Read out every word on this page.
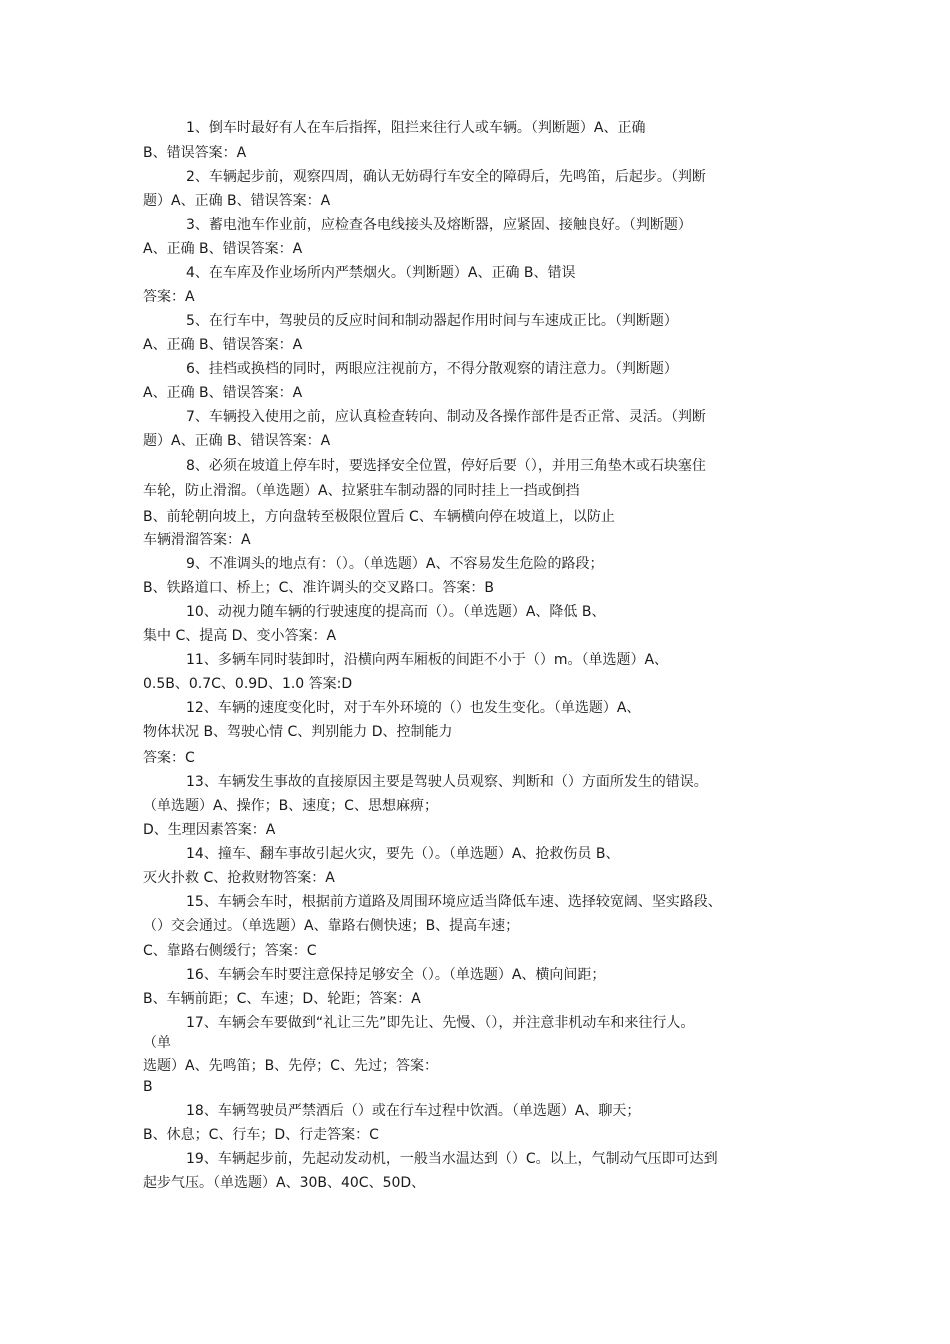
1、倒车时最好有人在车后指挥，阻拦来往行人或车辆。（判断题）A、正确
B、错误答案：A
2、车辆起步前，观察四周，确认无妨碍行车安全的障碍后，先鸣笛，后起步。（判断
题）A、正确 B、错误答案：A
3、蓄电池车作业前，应检查各电线接头及熔断器，应紧固、接触良好。（判断题）
A、正确 B、错误答案：A
4、在车库及作业场所内严禁烟火。（判断题）A、正确 B、错误
答案：A
5、在行车中，驾驶员的反应时间和制动器起作用时间与车速成正比。（判断题）
A、正确 B、错误答案：A
6、挂档或换档的同时，两眼应注视前方，不得分散观察的请注意力。（判断题）
A、正确 B、错误答案：A
7、车辆投入使用之前，应认真检查转向、制动及各操作部件是否正常、灵活。（判断
题）A、正确 B、错误答案：A
8、必须在坡道上停车时，要选择安全位置，停好后要（），并用三角垫木或石块塞住
车轮，防止滑溜。（单选题）A、拉紧驻车制动器的同时挂上一挡或倒挡
B、前轮朝向坡上，方向盘转至极限位置后 C、车辆横向停在坡道上，以防止
车辆滑溜答案：A
9、不准调头的地点有：（）。（单选题）A、不容易发生危险的路段；
B、铁路道口、桥上；C、准许调头的交叉路口。答案：B
10、动视力随车辆的行驶速度的提高而（）。（单选题）A、降低 B、
集中 C、提高 D、变小答案：A
11、多辆车同时装卸时，沿横向两车厢板的间距不小于（）m。（单选题）A、
0.5B、0.7C、0.9D、1.0 答案:D
12、车辆的速度变化时，对于车外环境的（）也发生变化。（单选题）A、
物体状况 B、驾驶心情 C、判别能力 D、控制能力
答案：C
13、车辆发生事故的直接原因主要是驾驶人员观察、判断和（）方面所发生的错误。
（单选题）A、操作；B、速度；C、思想麻痹；
D、生理因素答案：A
14、撞车、翻车事故引起火灾，要先（）。（单选题）A、抢救伤员 B、
灭火扑救 C、抢救财物答案：A
15、车辆会车时，根据前方道路及周围环境应适当降低车速、选择较宽阔、坚实路段、
（）交会通过。（单选题）A、靠路右侧快速；B、提高车速；
C、靠路右侧缓行；答案：C
16、车辆会车时要注意保持足够安全（）。（单选题）A、横向间距；
B、车辆前距；C、车速；D、轮距；答案：A
17、车辆会车要做到“礼让三先”即先让、先慢、（），并注意非机动车和来往行人。
（单
选题）A、先鸣笛；B、先停；C、先过；答案：
B
18、车辆驾驶员严禁酒后（）或在行车过程中饮酒。（单选题）A、聊天；
B、休息；C、行车；D、行走答案：C
19、车辆起步前，先起动发动机，一般当水温达到（）C。以上，气制动气压即可达到
起步气压。（单选题）A、30B、40C、50D、
